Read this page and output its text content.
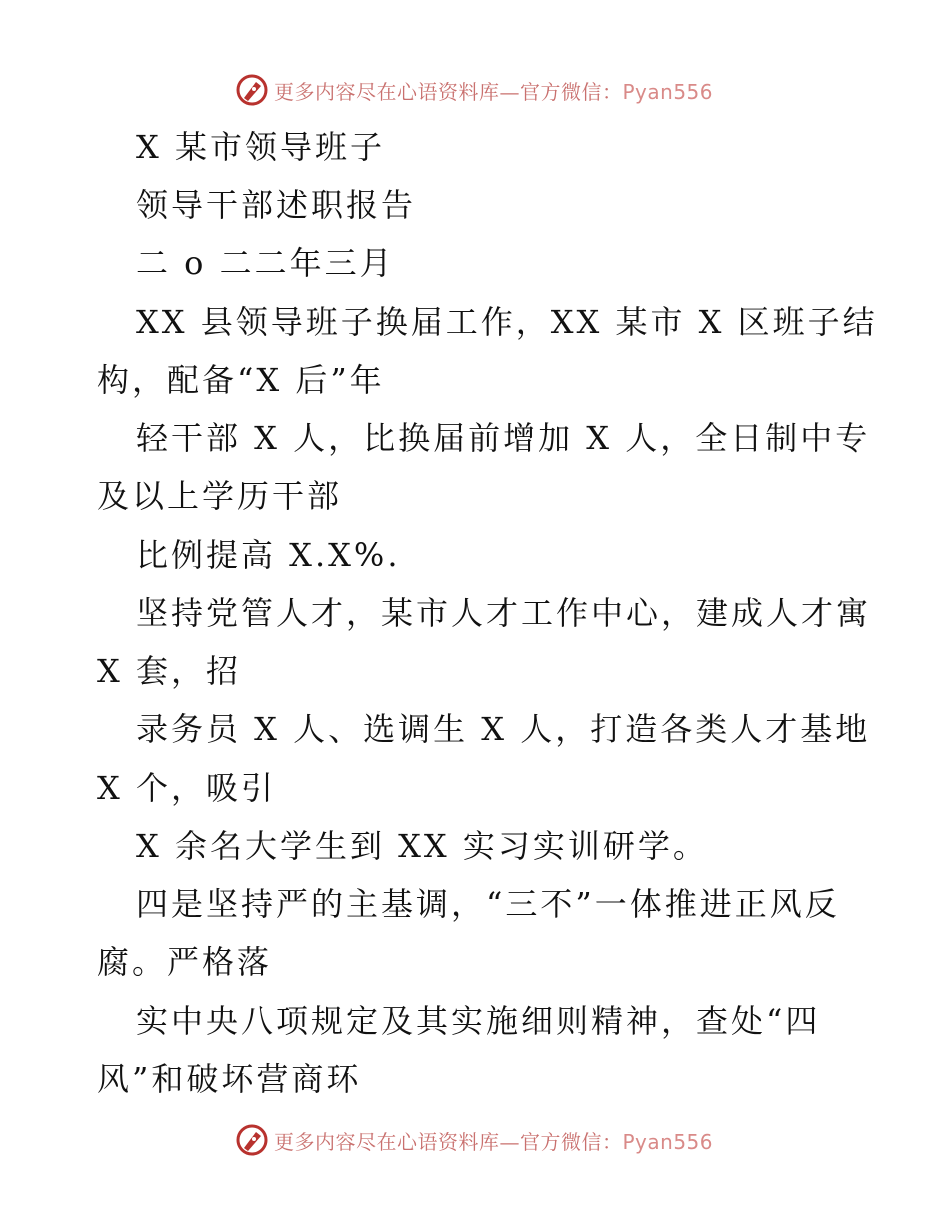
更多内容尽在心语资料库—官方微信：Pyan556
X 某市领导班子
领导干部述职报告
二 o 二二年三月
XX 县领导班子换届工作，XX 某市 X 区班子结
构，配备“X 后”年
轻干部 X 人，比换届前增加 X 人，全日制中专
及以上学历干部
比例提高 X.X%.
坚持党管人才，某市人才工作中心，建成人才寓
X 套，招
录务员 X 人、选调生 X 人，打造各类人才基地
X 个，吸引
X 余名大学生到 XX 实习实训研学。
四是坚持严的主基调，“三不”一体推进正风反
腐。严格落
实中央八项规定及其实施细则精神，查处“四
风”和破坏营商环
更多内容尽在心语资料库—官方微信：Pyan556
